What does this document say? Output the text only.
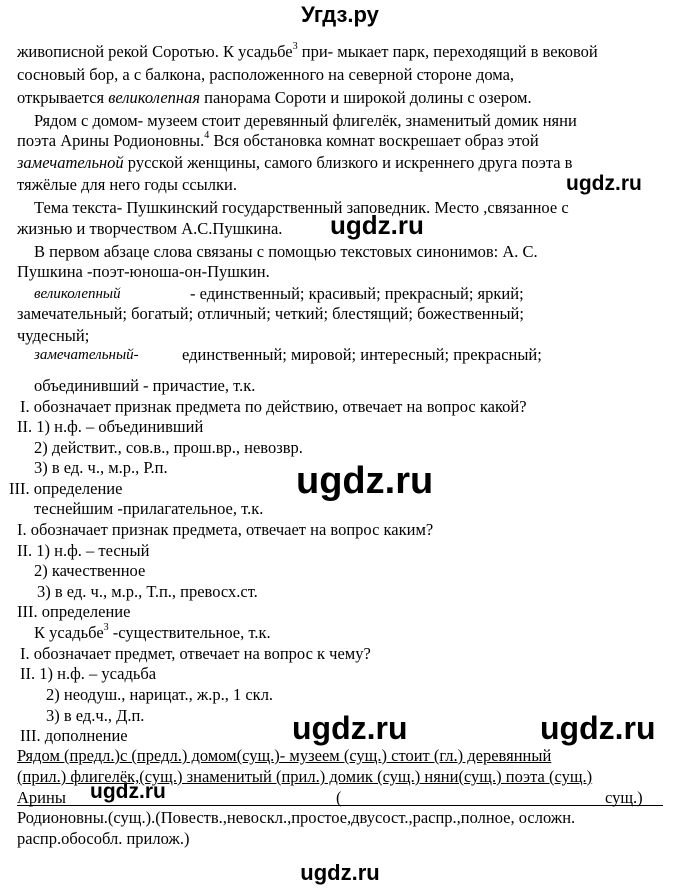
Угдз.ру
живописной рекой Соротью. К усадьбе$^3$ при- мыкает парк, переходящий в вековой
сосновый бор, а с балкона, расположенного на северной стороне дома,
открывается великолепная панорама Сороти и широкой долины с озером.
Рядом с домом- музеем стоит деревянный флигелёк, знаменитый домик няни
поэта Арины Родионовны.$^4$ Вся обстановка комнат воскрешает образ этой
замечательной русской женщины, самого близкого и искреннего друга поэта в
тяжёлые для него годы ссылки.	ugdz.ru
Тема текста- Пушкинский государственный заповедник. Место ,связанное с
жизнью и творчеством А.С.Пушкина. ugdz.ru
В первом абзаце слова связаны с помощью текстовых синонимов: А. С.
Пушкина -поэт-юноша-он-Пушкин.
великолепный	- единственный; красивый; прекрасный; яркий;
замечательный; богатый; отличный; четкий; блестящий; божественный;
чудесный;
замечательный-	единственный; мировой; интересный; прекрасный;
объединивший - причастие, т.к.
I. обозначает признак предмета по действию, отвечает на вопрос какой?
II. 1) н.ф. – объединивший
2) действит., сов.в., прош.вр., невозвр.
3) в ед. ч., м.р., Р.п.
III. определение	ugdz.ru
теснейшим -прилагательное, т.к.
I. обозначает признак предмета, отвечает на вопрос каким?
II. 1) н.ф. – тесный
2) качественное
3) в ед. ч., м.р., Т.п., превосх.ст.
III. определение
К усадьбе$^3$ -существительное, т.к.
I. обозначает предмет, отвечает на вопрос к чему?
II. 1) н.ф. – усадьба
2) неодуш., нарицат., ж.р., 1 скл.
3) в ед.ч., Д.п.
III. дополнение	ugdz.ru	ugdz.ru
Рядом (предл.)с (предл.) домом(сущ.)- музеем (сущ.) стоит (гл.) деревянный
(прил.) флигелёк,(сущ.) знаменитый (прил.) домик (сущ.) няни(сущ.) поэта (сущ.)
Арины ugdz.ru	(	сущ.)
Родионовны.(сущ.).(Повеств.,невоскл.,простое,двусост.,распр.,полное, осложн.
распр.обособл. прилож.)
ugdz.ru
